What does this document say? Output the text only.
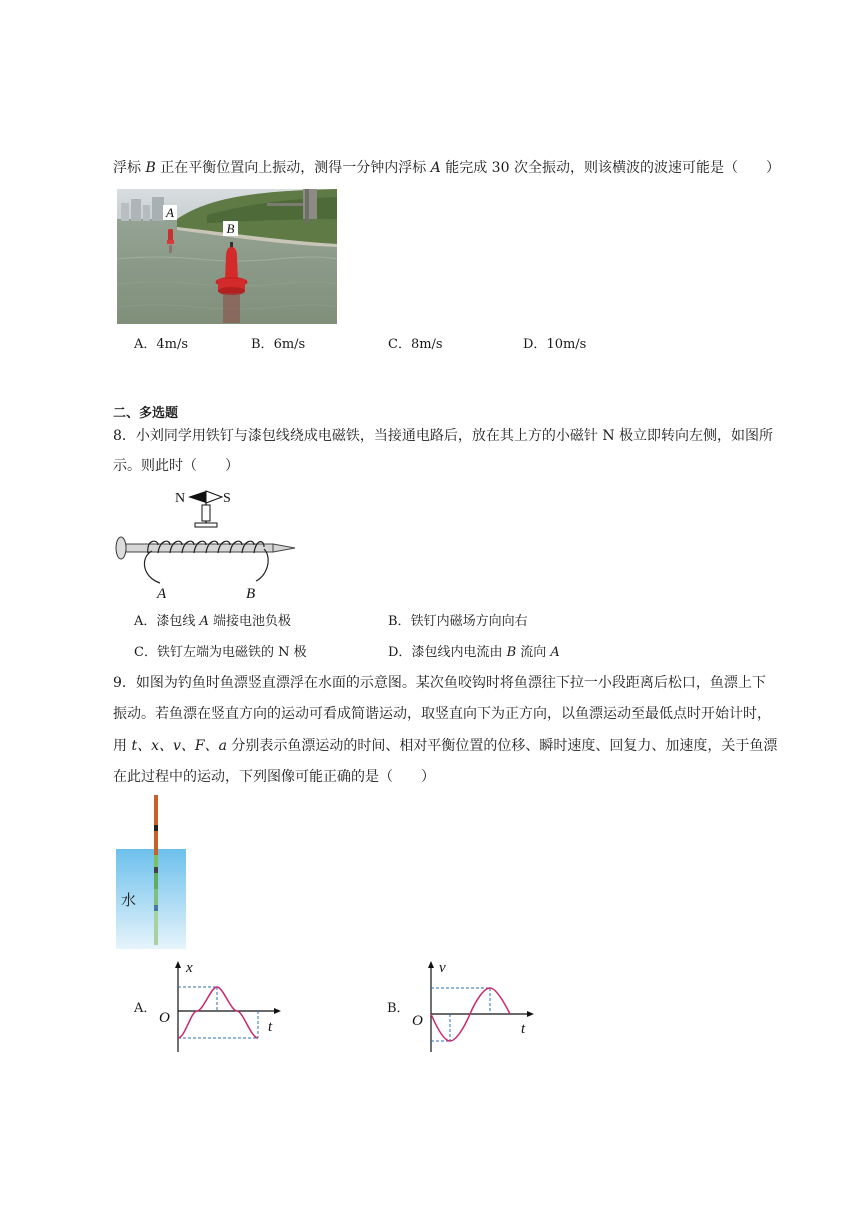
浮标 B 正在平衡位置向上振动，测得一分钟内浮标 A 能完成 30 次全振动，则该横波的波速可能是（　　）
A
B
A．4m/s	B．6m/s	C．8m/s	D．10m/s
二、多选题
8．小刘同学用铁钉与漆包线绕成电磁铁，当接通电路后，放在其上方的小磁针 N 极立即转向左侧，如图所
示。则此时（　　）
N	S
A	B
A．漆包线 A 端接电池负极	B．铁钉内磁场方向向右
C．铁钉左端为电磁铁的 N 极	D．漆包线内电流由 B 流向 A
9．如图为钓鱼时鱼漂竖直漂浮在水面的示意图。某次鱼咬钩时将鱼漂往下拉一小段距离后松口，鱼漂上下
振动。若鱼漂在竖直方向的运动可看成简谐运动，取竖直向下为正方向，以鱼漂运动至最低点时开始计时，
用 t、x、v、F、a 分别表示鱼漂运动的时间、相对平衡位置的位移、瞬时速度、回复力、加速度，关于鱼漂
在此过程中的运动，下列图像可能正确的是（　　）
水
A．
x
t
O
B．
v
t
O
